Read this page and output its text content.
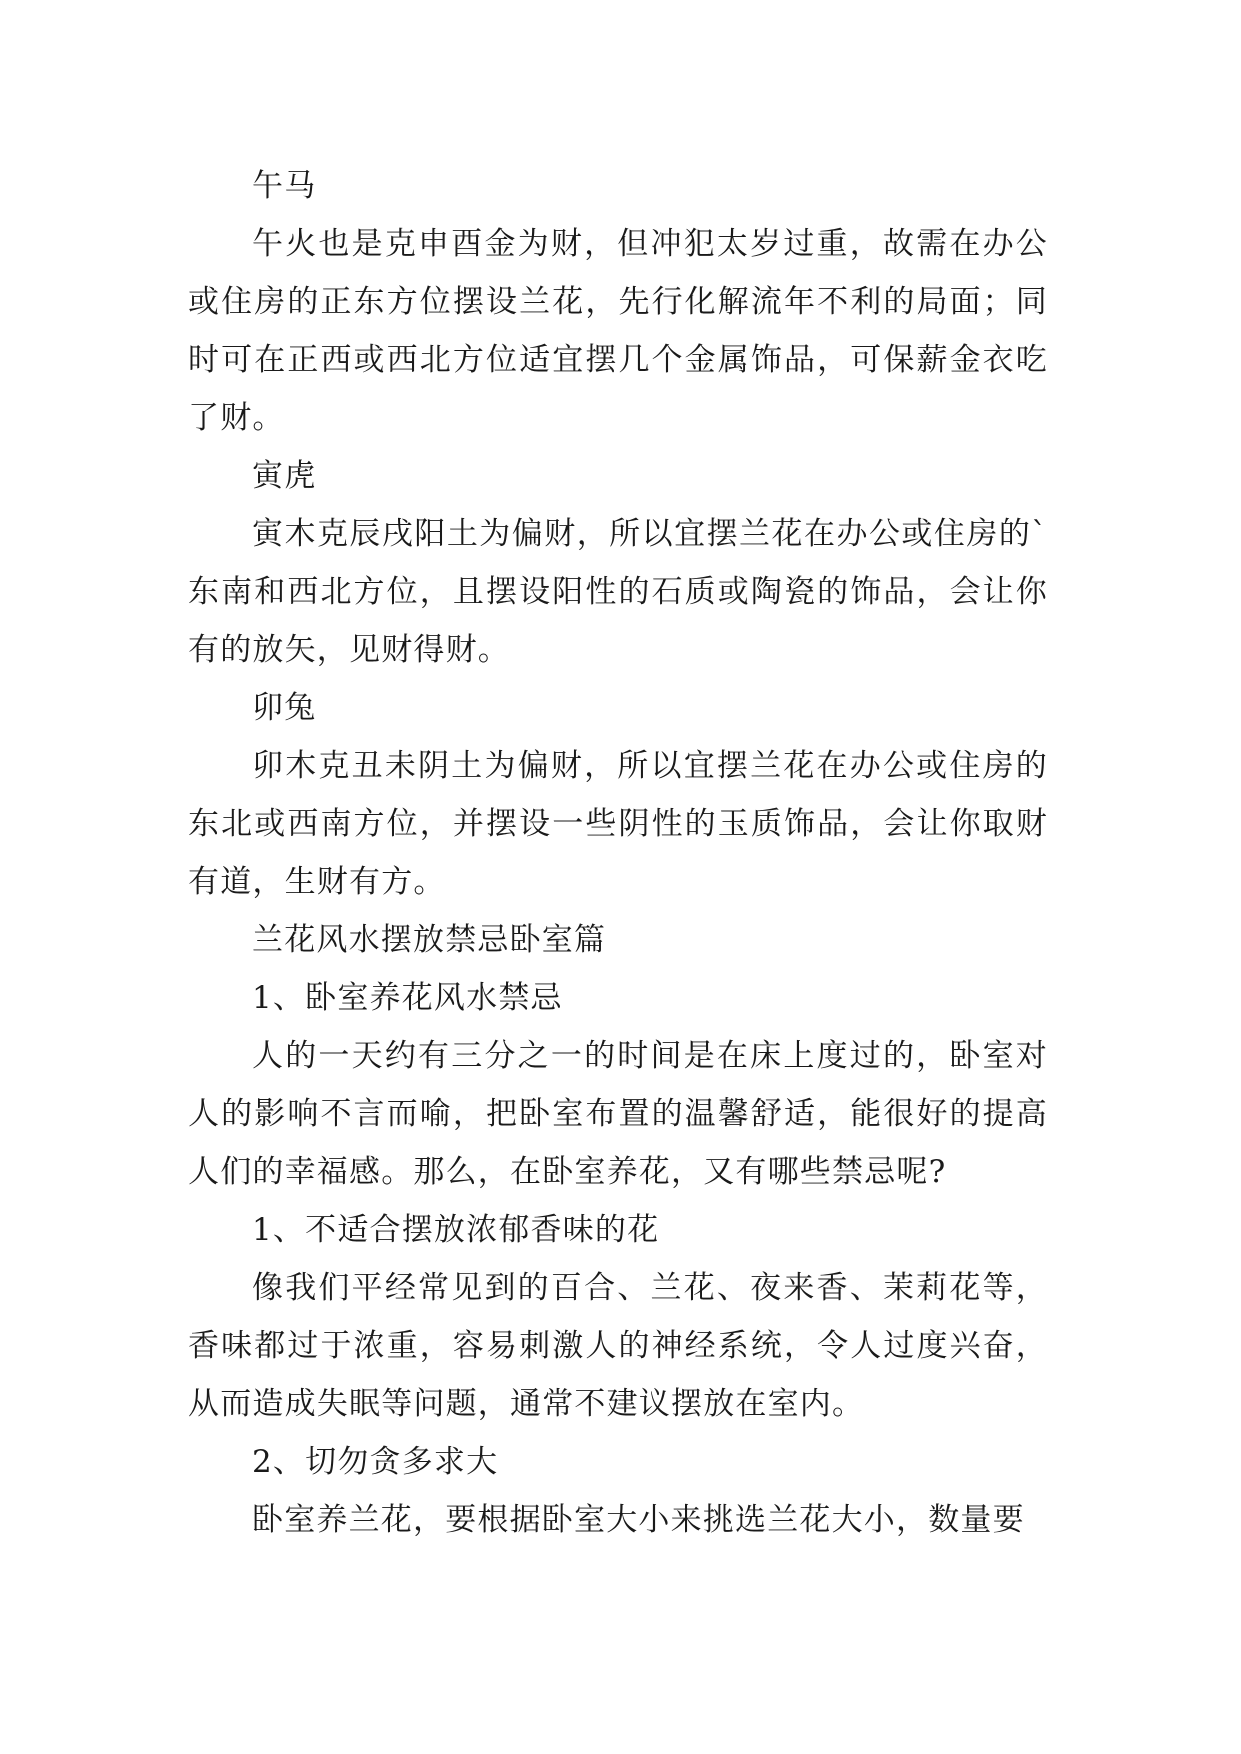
午马

午火也是克申酉金为财，但冲犯太岁过重，故需在办公或住房的正东方位摆设兰花，先行化解流年不利的局面；同时可在正西或西北方位适宜摆几个金属饰品，可保薪金衣吃了财。

寅虎

寅木克辰戌阳土为偏财，所以宜摆兰花在办公或住房的`东南和西北方位，且摆设阳性的石质或陶瓷的饰品，会让你有的放矢，见财得财。

卯兔

卯木克丑未阴土为偏财，所以宜摆兰花在办公或住房的东北或西南方位，并摆设一些阴性的玉质饰品，会让你取财有道，生财有方。

兰花风水摆放禁忌卧室篇

1、卧室养花风水禁忌

人的一天约有三分之一的时间是在床上度过的，卧室对人的影响不言而喻，把卧室布置的温馨舒适，能很好的提高人们的幸福感。那么，在卧室养花，又有哪些禁忌呢?

1、不适合摆放浓郁香味的花

像我们平经常见到的百合、兰花、夜来香、茉莉花等，香味都过于浓重，容易刺激人的神经系统，令人过度兴奋，从而造成失眠等问题，通常不建议摆放在室内。

2、切勿贪多求大

卧室养兰花，要根据卧室大小来挑选兰花大小，数量要
